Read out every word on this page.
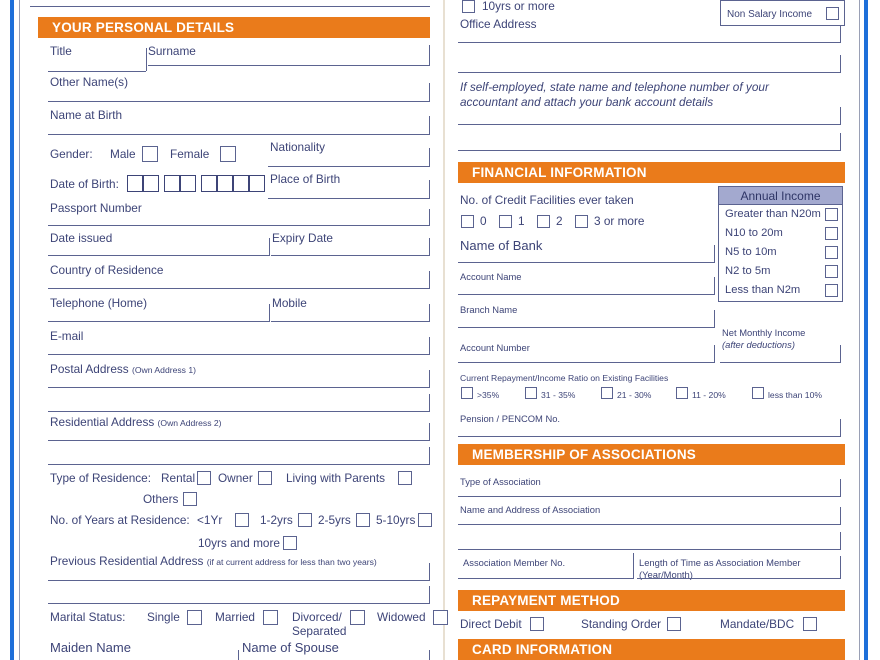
YOUR PERSONAL DETAILS
Title	Surname
Other Name(s)
Name at Birth
Gender: Male	Female	Nationality
Date of Birth:	Place of Birth
Passport Number
Date issued	Expiry Date
Country of Residence
Telephone (Home)	Mobile
E-mail
Postal Address (Own Address 1)
Residential Address (Own Address 2)
Type of Residence: Rental Owner	Living with Parents
Others
No. of Years at Residence: <1Yr	1-2yrs 2-5yrs 5-10yrs
10yrs and more
Previous Residential Address (if at current address for less than two years)
Marital Status: Single	Married	Divorced/
Separated
Widowed
Maiden Name	Name of Spouse
10yrs or more
Non Salary Income
Office Address
If self-employed, state name and telephone number of your
accountant and attach your bank account details
FINANCIAL INFORMATION
Annual Income
Greater than N20m
N10 to 20m
N5 to 10m
N2 to 5m
Less than N2m
No. of Credit Facilities ever taken
0	1	2	3 or more
Name of Bank
Account Name
Branch Name
Account Number
Net Monthly Income
(after deductions)
Current Repayment/Income Ratio on Existing Facilities
>35%	31 - 35%	21 - 30%	11 - 20%	less than 10%
Pension / PENCOM No.
MEMBERSHIP OF ASSOCIATIONS
Type of Association
Name and Address of Association
Association Member No.	Length of Time as Association Member
(Year/Month)
REPAYMENT METHOD
Direct Debit	Standing Order	Mandate/BDC
CARD INFORMATION
